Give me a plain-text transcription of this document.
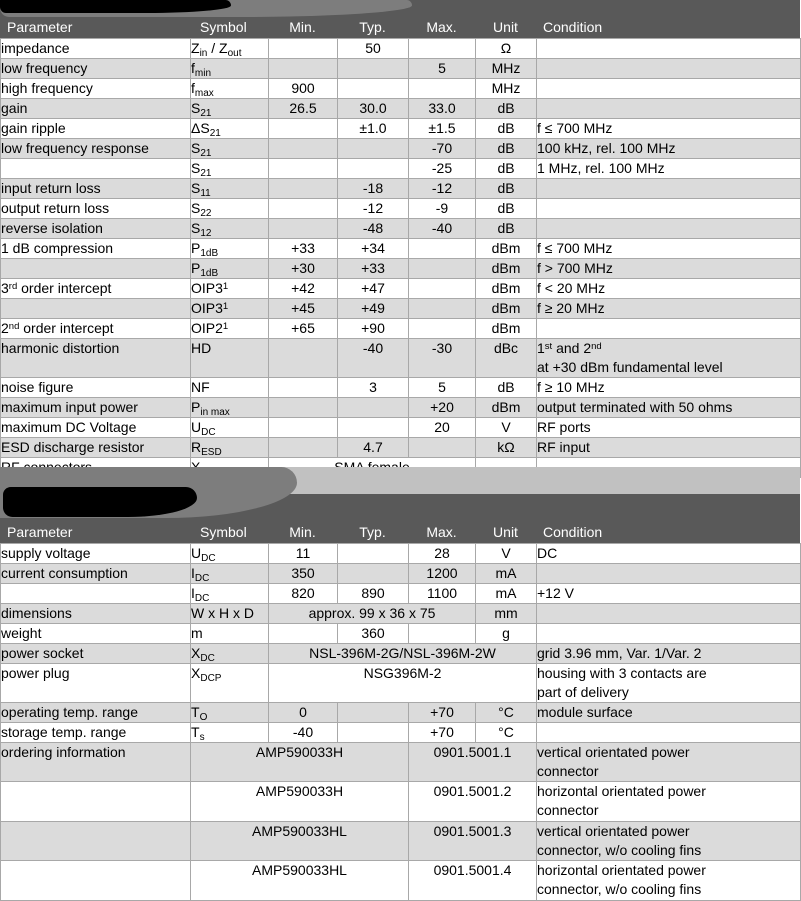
Parameter	Symbol	Min.	Typ.	Max.	Unit	Condition
impedance	$Z_{in} / Z_{out}$		50		Ω	
low frequency	$f_{min}$			5	MHz	
high frequency	$f_{max}$	900			MHz	
gain	$S_{21}$	26.5	30.0	33.0	dB	
gain ripple	$\Delta S_{21}$		±1.0	±1.5	dB	f ≤ 700 MHz
low frequency response	$S_{21}$			-70	dB	100 kHz, rel. 100 MHz
	$S_{21}$			-25	dB	1 MHz, rel. 100 MHz
input return loss	$S_{11}$		-18	-12	dB	
output return loss	$S_{22}$		-12	-9	dB	
reverse isolation	$S_{12}$		-48	-40	dB	
1 dB compression	$P_{1dB}$	+33	+34		dBm	f ≤ 700 MHz
	$P_{1dB}$	+30	+33		dBm	f > 700 MHz
3rd order intercept	$OIP3^1$	+42	+47		dBm	f < 20 MHz
	$OIP3^1$	+45	+49		dBm	f ≥ 20 MHz
2nd order intercept	$OIP2^1$	+65	+90		dBm	
harmonic distortion	HD		-40	-30	dBc	1st and 2nd
at +30 dBm fundamental level
noise figure	NF		3	5	dB	f ≥ 10 MHz
maximum input power	$P_{in max}$			+20	dBm	output terminated with 50 ohms
maximum DC Voltage	$U_{DC}$			20	V	RF ports
ESD discharge resistor	$R_{ESD}$		4.7		kΩ	RF input

Parameter	Symbol	Min.	Typ.	Max.	Unit	Condition
supply voltage	$U_{DC}$	11		28	V	DC
current consumption	$I_{DC}$	350		1200	mA	
	$I_{DC}$	820	890	1100	mA	+12 V
dimensions	W x H x D	approx. 99 x 36 x 75			mm	
weight	m		360		g	
power socket	$X_{DC}$	NSL-396M-2G/NSL-396M-2W				grid 3.96 mm, Var. 1/Var. 2
power plug	$X_{DCP}$	NSG396M-2				housing with 3 contacts are
part of delivery
operating temp. range	$T_O$	0		+70	°C	module surface
storage temp. range	$T_s$	-40		+70	°C	
ordering information	AMP590033H			0901.5001.1		vertical orientated power
connector
	AMP590033H			0901.5001.2		horizontal orientated power
connector
	AMP590033HL			0901.5001.3		vertical orientated power
connector, w/o cooling fins
	AMP590033HL			0901.5001.4		horizontal orientated power
connector, w/o cooling fins
